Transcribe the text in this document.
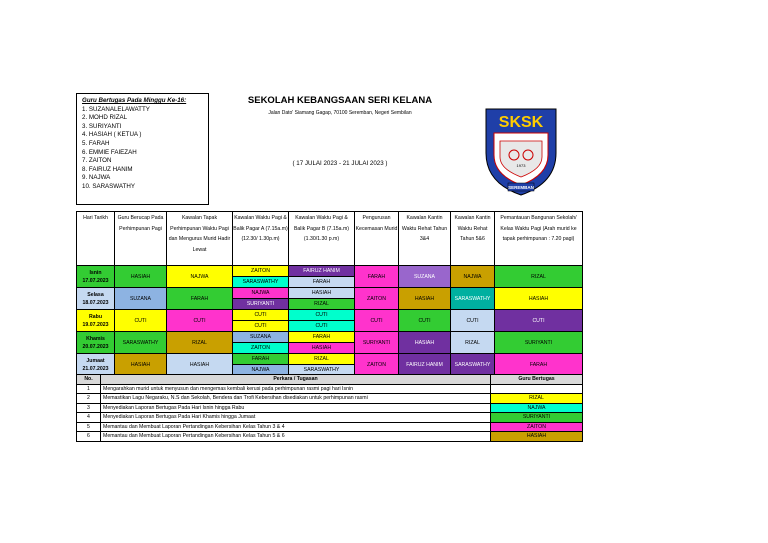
Guru Bertugas Pada Minggu Ke-16:
1. SUZANALELAWATTY
2. MOHD RIZAL
3. SURIYANTI
4. HASIAH ( KETUA )
5. FARAH
6. EMMIE FAIEZAH
7. ZAITON
8. FAIRUZ HANIM
9. NAJWA
10. SARASWATHY
SEKOLAH KEBANGSAAN SERI KELANA
Jalan Dato' Siamang Gagap, 70100 Seremban, Negeri Sembilan
( 17 JULAI 2023 - 21 JULAI 2023 )
SKSK
1973
SEREMBAN
Hari Tarikh	Guru Berucap Pada Perhimpunan Pagi	Kawalan Tapak Perhimpunan Waktu Pagi dan Mengurus Murid Hadir Lewat	Kawalan Waktu Pagi & Balik Pagar A (7.15a.m) (12.30/ 1.30p.m)	Kawalan Waktu Pagi & Balik Pagar B (7.15a.m) (1.30/1.30 p.m)	Pengurusan Kecemasan Murid	Kawalan Kantin Waktu Rehat Tahun 3&4	Kawalan Kantin Waktu Rehat Tahun 5&6	Pemantauan Bangunan Sekolah/ Kelas Waktu Pagi (Arah murid ke tapak perhimpunan : 7.20 pagi)

Isnin
17.07.2023	HASIAH	NAJWA	ZAITON	FAIRUZ HANIM	FARAH	SUZANA	NAJWA	RIZAL
			SARASWATHY	FARAH				

Selasa
18.07.2023	SUZANA	FARAH	NAJWA	HASIAH	ZAITON	HASIAH	SARASWATHY	HASIAH
			SURIYANTI	RIZAL				

Rabu
19.07.2023	CUTI	CUTI	CUTI	CUTI	CUTI	CUTI	CUTI	CUTI
			CUTI	CUTI				

Khamis
20.07.2023	SARASWATHY	RIZAL	SUZANA	FARAH	SURIYANTI	HASIAH	RIZAL	SURIYANTI
			ZAITON	HASIAH				

Jumaat
21.07.2023	HASIAH	HASIAH	FARAH	RIZAL	ZAITON	FAIRUZ HANIM	SARASWATHY	FARAH
			NAJWA	SARASWATHY				
No.	Perkara / Tugasan	Guru Bertugas
1	Mengarahkan murid untuk menyusun dan mengemas kembali kerusi pada perhimpunan rasmi pagi hari Isnin	
2	Memastikan Lagu Negaraku, N.S dan Sekolah, Bendera dan Trofi Kebersihan disediakan untuk perhimpunan rasmi	RIZAL
3	Menyediakan Laporan Bertugas Pada Hari Isnin hingga Rabu	NAJWA
4	Menyediakan Laporan Bertugas Pada Hari Khamis hingga Jumaat	SURIYANTI
5	Memantau dan Membuat Laporan Pertandingan Kebersihan Kelas Tahun 3 & 4	ZAITON
6	Memantau dan Membuat Laporan Pertandingan Kebersihan Kelas Tahun 5 & 6	HASIAH
